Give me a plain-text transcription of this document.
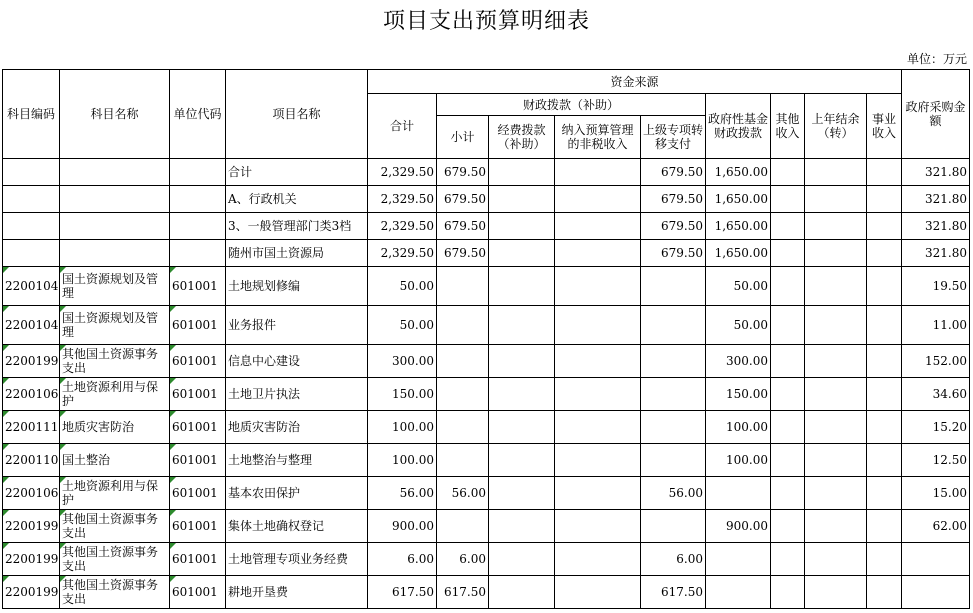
项目支出预算明细表
单位：万元
科目编码	科目名称	单位代码	项目名称	资金来源									政府采购金额
				合计	财政拨款（补助）				政府性基金财政拨款	其他收入	上年结余（转）	事业收入	
					小计	经费拨款（补助）	纳入预算管理的非税收入	上级专项转移支付					
			合计	2,329.50	679.50			679.50	1,650.00				321.80
			A、行政机关	2,329.50	679.50			679.50	1,650.00				321.80
			3、一般管理部门类3档	2,329.50	679.50			679.50	1,650.00				321.80
			随州市国土资源局	2,329.50	679.50			679.50	1,650.00				321.80
2200104	国土资源规划及管理	601001	土地规划修编	50.00					50.00				19.50
2200104	国土资源规划及管理	601001	业务报件	50.00					50.00				11.00
2200199	其他国土资源事务支出	601001	信息中心建设	300.00					300.00				152.00
2200106	土地资源利用与保护	601001	土地卫片执法	150.00					150.00				34.60
2200111	地质灾害防治	601001	地质灾害防治	100.00					100.00				15.20
2200110	国土整治	601001	土地整治与整理	100.00					100.00				12.50
2200106	土地资源利用与保护	601001	基本农田保护	56.00	56.00			56.00					15.00
2200199	其他国土资源事务支出	601001	集体土地确权登记	900.00					900.00				62.00
2200199	其他国土资源事务支出	601001	土地管理专项业务经费	6.00	6.00			6.00					
2200199	其他国土资源事务支出	601001	耕地开垦费	617.50	617.50			617.50					
